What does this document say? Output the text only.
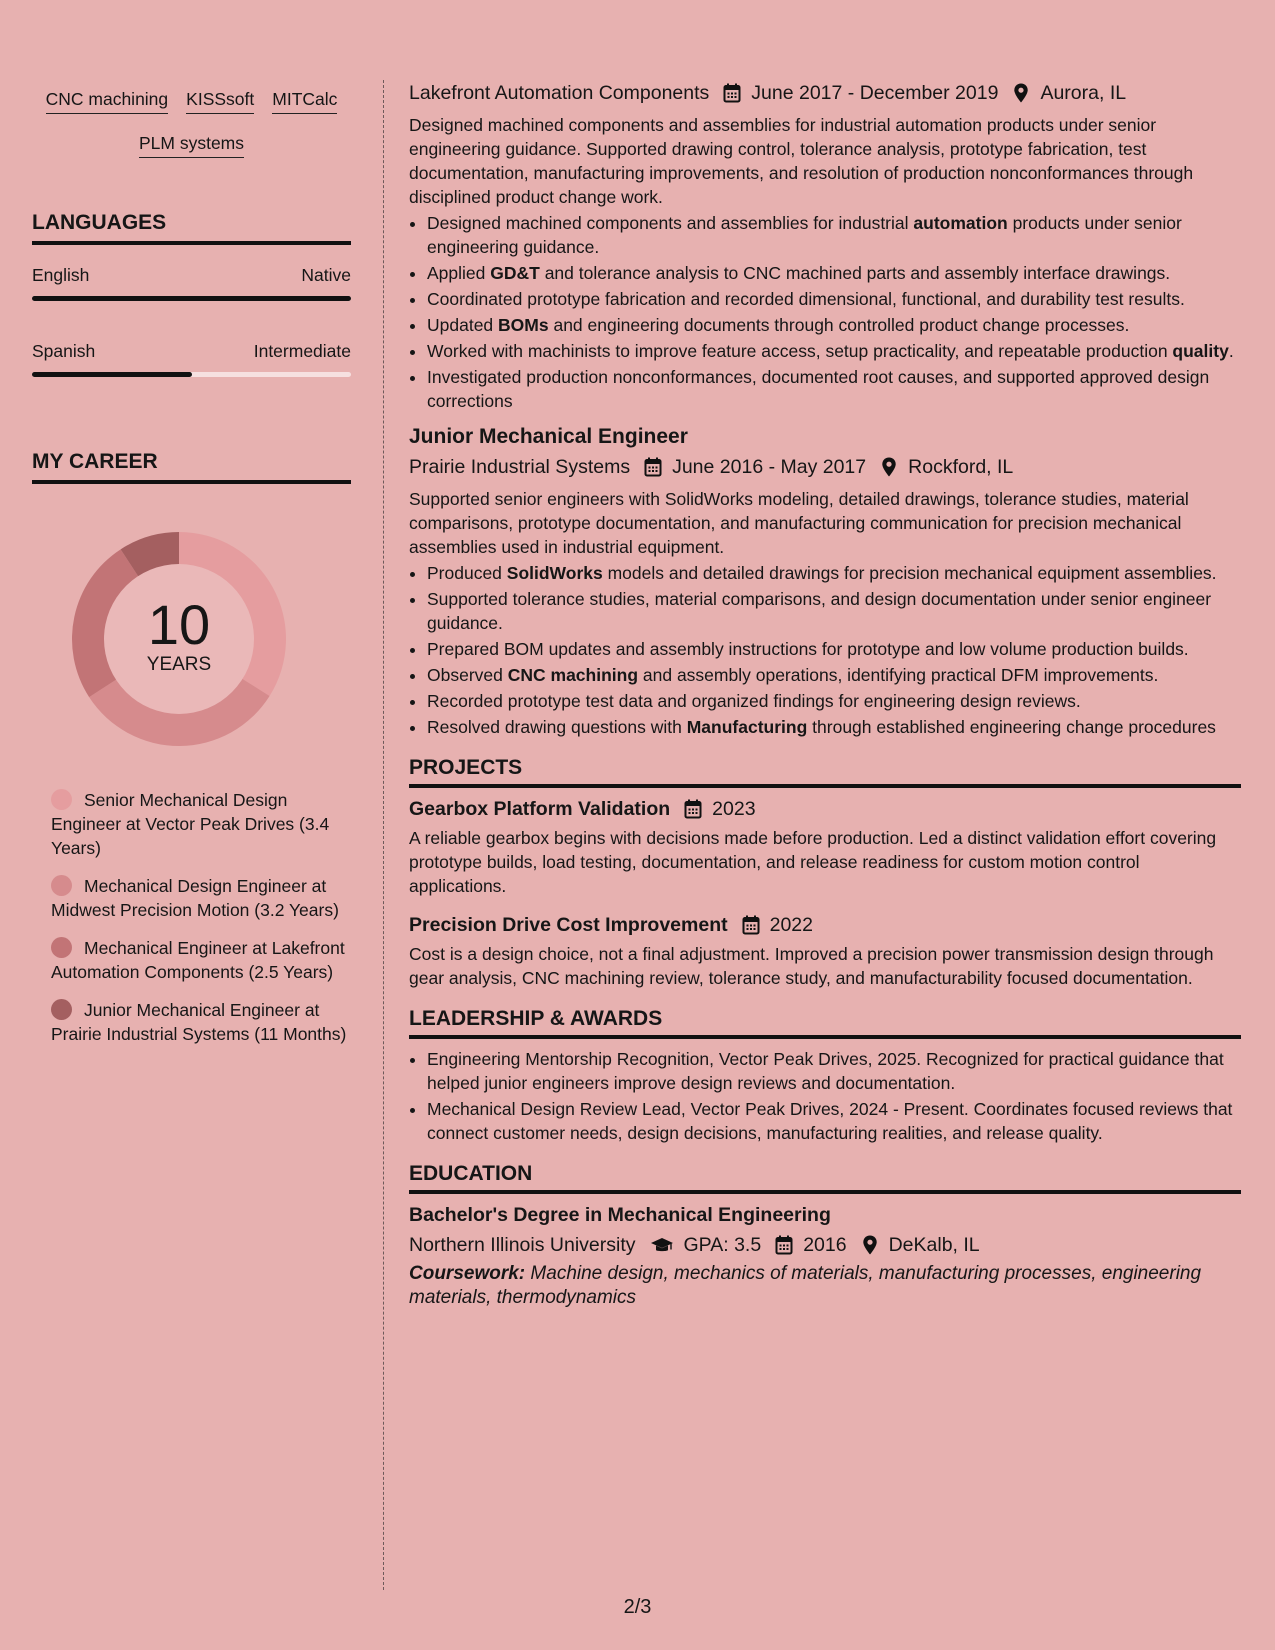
CNC machining KISSsoft MITCalc
PLM systems
LANGUAGES
English	Native
Spanish	Intermediate
MY CAREER
10
YEARS
Senior Mechanical Design Engineer at Vector Peak Drives (3.4 Years)
Mechanical Design Engineer at Midwest Precision Motion (3.2 Years)
Mechanical Engineer at Lakefront Automation Components (2.5 Years)
Junior Mechanical Engineer at Prairie Industrial Systems (11 Months)
Lakefront Automation Components June 2017 - December 2019 Aurora, IL
Designed machined components and assemblies for industrial automation products under senior engineering guidance. Supported drawing control, tolerance analysis, prototype fabrication, test documentation, manufacturing improvements, and resolution of production nonconformances through disciplined product change work.
• Designed machined components and assemblies for industrial automation products under senior engineering guidance.
• Applied GD&T and tolerance analysis to CNC machined parts and assembly interface drawings.
• Coordinated prototype fabrication and recorded dimensional, functional, and durability test results.
• Updated BOMs and engineering documents through controlled product change processes.
• Worked with machinists to improve feature access, setup practicality, and repeatable production quality.
• Investigated production nonconformances, documented root causes, and supported approved design corrections
Junior Mechanical Engineer
Prairie Industrial Systems June 2016 - May 2017 Rockford, IL
Supported senior engineers with SolidWorks modeling, detailed drawings, tolerance studies, material comparisons, prototype documentation, and manufacturing communication for precision mechanical assemblies used in industrial equipment.
• Produced SolidWorks models and detailed drawings for precision mechanical equipment assemblies.
• Supported tolerance studies, material comparisons, and design documentation under senior engineer guidance.
• Prepared BOM updates and assembly instructions for prototype and low volume production builds.
• Observed CNC machining and assembly operations, identifying practical DFM improvements.
• Recorded prototype test data and organized findings for engineering design reviews.
• Resolved drawing questions with Manufacturing through established engineering change procedures
PROJECTS
Gearbox Platform Validation 2023
A reliable gearbox begins with decisions made before production. Led a distinct validation effort covering prototype builds, load testing, documentation, and release readiness for custom motion control applications.
Precision Drive Cost Improvement 2022
Cost is a design choice, not a final adjustment. Improved a precision power transmission design through gear analysis, CNC machining review, tolerance study, and manufacturability focused documentation.
LEADERSHIP & AWARDS
• Engineering Mentorship Recognition, Vector Peak Drives, 2025. Recognized for practical guidance that helped junior engineers improve design reviews and documentation.
• Mechanical Design Review Lead, Vector Peak Drives, 2024 - Present. Coordinates focused reviews that connect customer needs, design decisions, manufacturing realities, and release quality.
EDUCATION
Bachelor's Degree in Mechanical Engineering
Northern Illinois University GPA: 3.5 2016 DeKalb, IL
Coursework: Machine design, mechanics of materials, manufacturing processes, engineering materials, thermodynamics
2/3
